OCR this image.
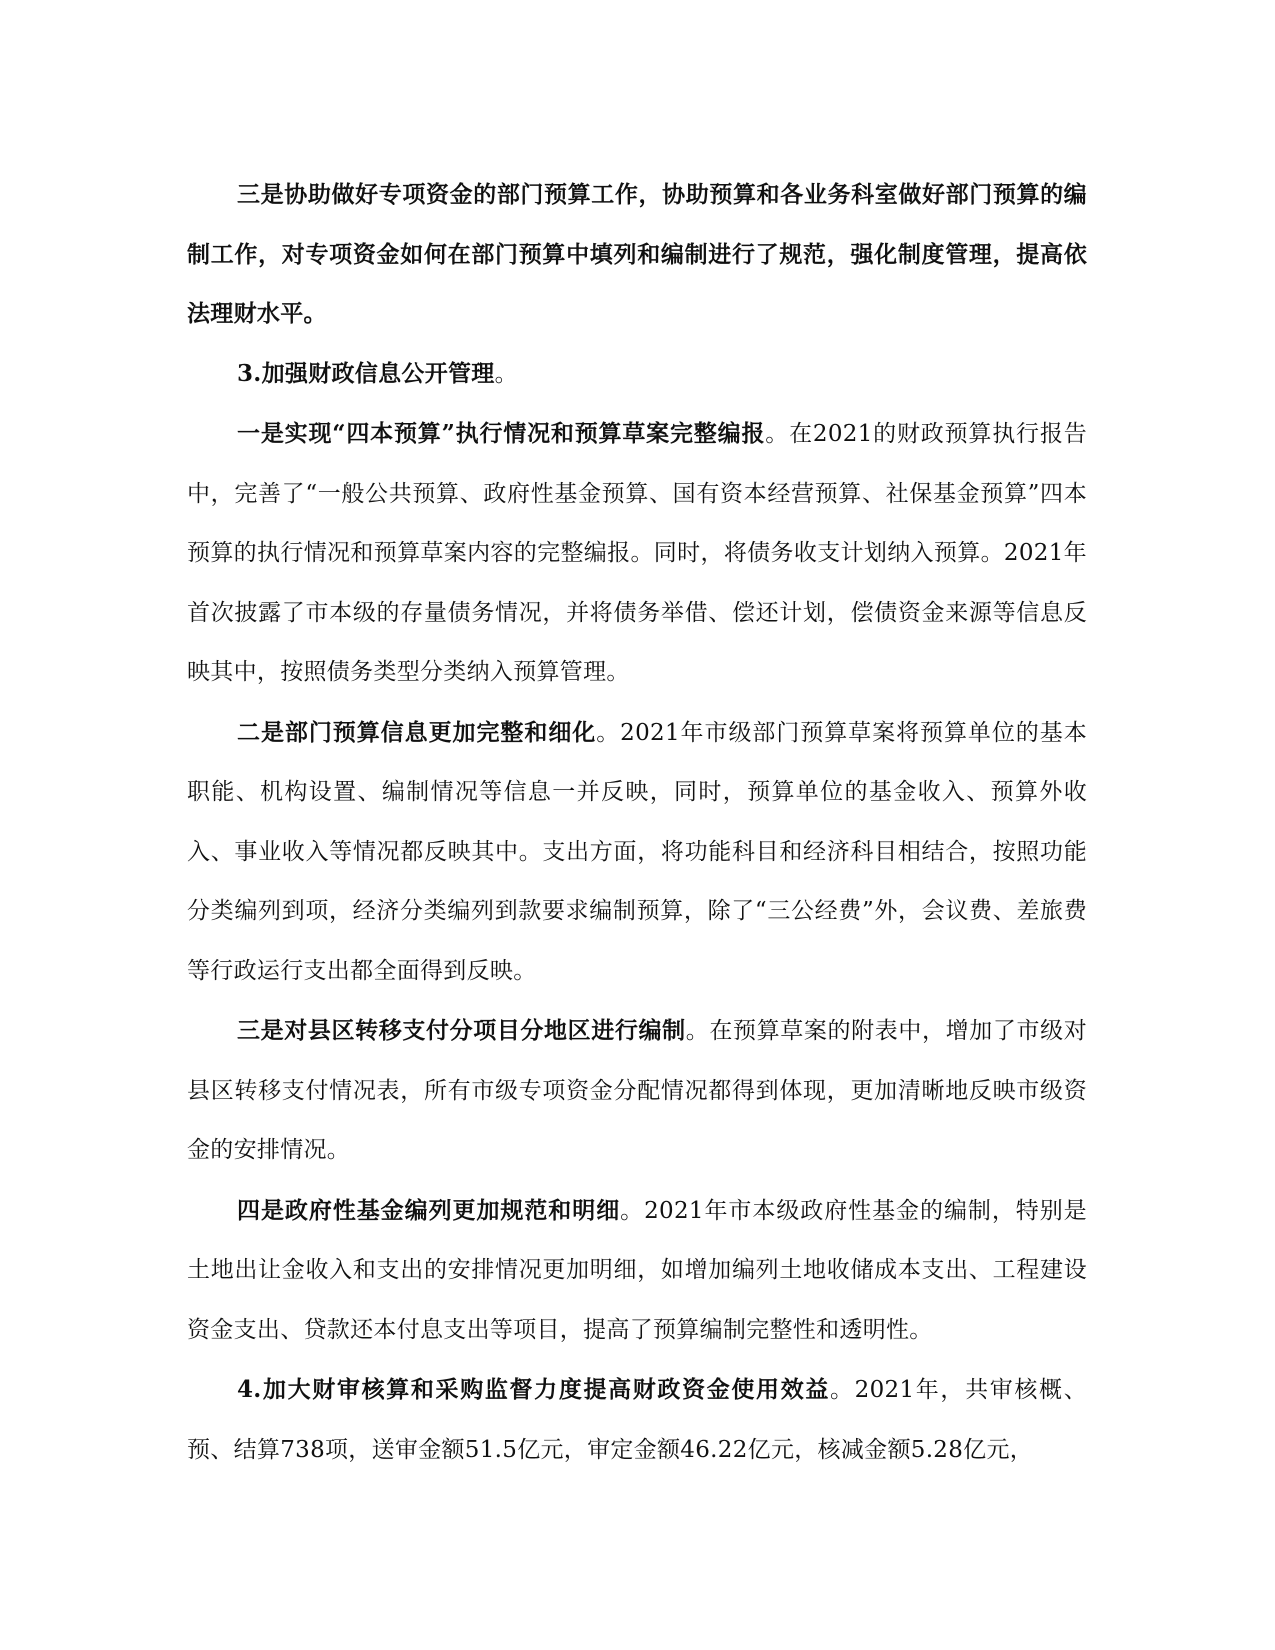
三是协助做好专项资金的部门预算工作，协助预算和各业务科室做好部门预算的编制工作，对专项资金如何在部门预算中填列和编制进行了规范，强化制度管理，提高依法理财水平。

3.加强财政信息公开管理。

一是实现“四本预算”执行情况和预算草案完整编报。在2021的财政预算执行报告中，完善了“一般公共预算、政府性基金预算、国有资本经营预算、社保基金预算”四本预算的执行情况和预算草案内容的完整编报。同时，将债务收支计划纳入预算。2021年首次披露了市本级的存量债务情况，并将债务举借、偿还计划，偿债资金来源等信息反映其中，按照债务类型分类纳入预算管理。

二是部门预算信息更加完整和细化。2021年市级部门预算草案将预算单位的基本职能、机构设置、编制情况等信息一并反映，同时，预算单位的基金收入、预算外收入、事业收入等情况都反映其中。支出方面，将功能科目和经济科目相结合，按照功能分类编列到项，经济分类编列到款要求编制预算，除了“三公经费”外，会议费、差旅费等行政运行支出都全面得到反映。

三是对县区转移支付分项目分地区进行编制。在预算草案的附表中，增加了市级对县区转移支付情况表，所有市级专项资金分配情况都得到体现，更加清晰地反映市级资金的安排情况。

四是政府性基金编列更加规范和明细。2021年市本级政府性基金的编制，特别是土地出让金收入和支出的安排情况更加明细，如增加编列土地收储成本支出、工程建设资金支出、贷款还本付息支出等项目，提高了预算编制完整性和透明性。

4.加大财审核算和采购监督力度提高财政资金使用效益。2021年，共审核概、预、结算738项，送审金额51.5亿元，审定金额46.22亿元，核减金额5.28亿元，
